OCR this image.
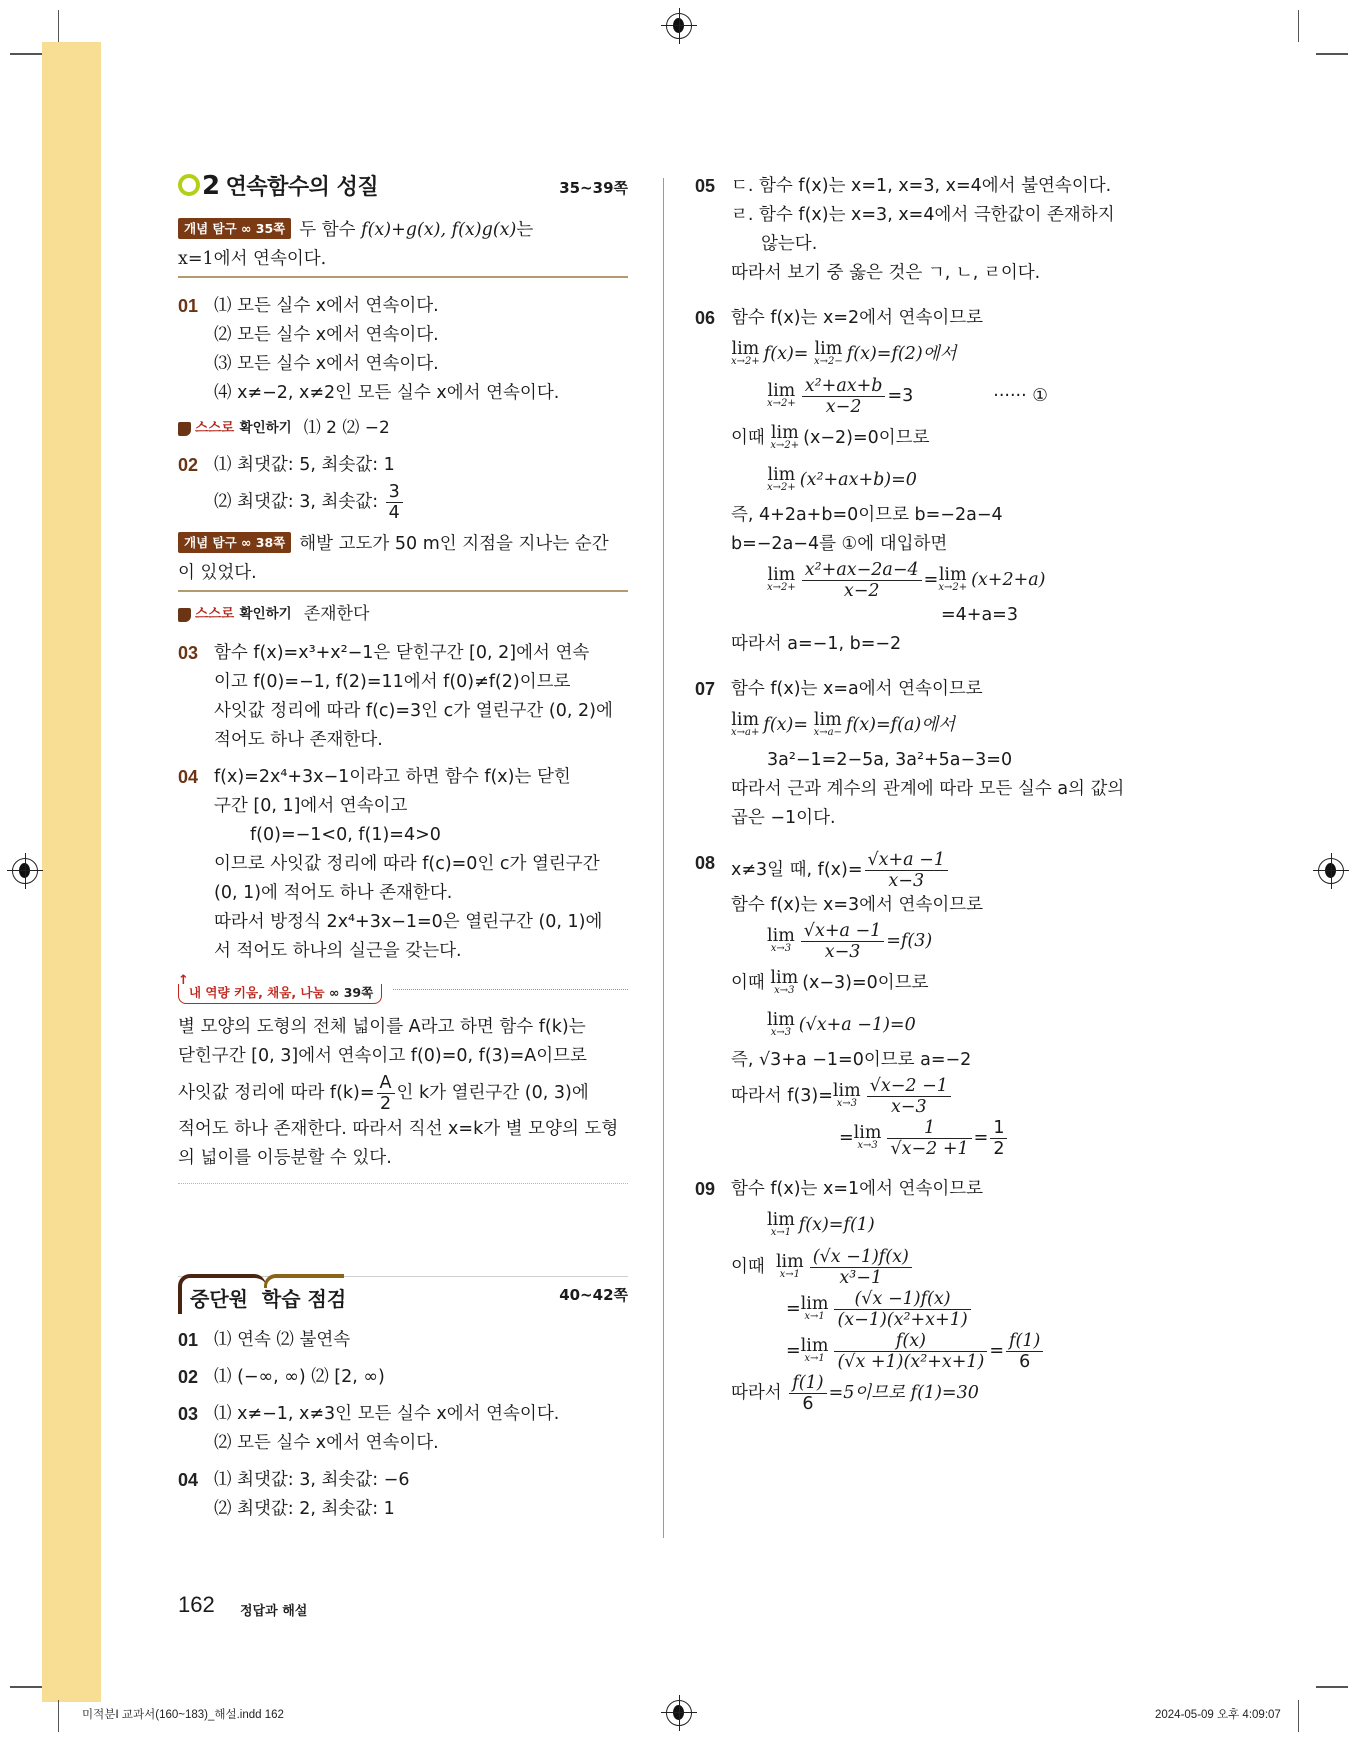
2 연속함수의 성질	35~39쪽
개념 탐구 ∞ 35쪽 두 함수 f(x)+g(x), f(x)g(x)는
x=1에서 연속이다.
01 ⑴ 모든 실수 x에서 연속이다.
⑵ 모든 실수 x에서 연속이다.
⑶ 모든 실수 x에서 연속이다.
⑷ x≠−2, x≠2인 모든 실수 x에서 연속이다.
스스로
확인하기 ⑴ 2 ⑵ −2
02 ⑴ 최댓값: 5, 최솟값: 1
⑵ 최댓값: 3, 최솟값: $\frac{3}{4}$
개념 탐구 ∞ 38쪽 해발 고도가 50 m인 지점을 지나는 순간
이 있었다.
스스로
확인하기 존재한다
03 함수 f(x)=x³+x²−1은 닫힌구간 [0, 2]에서 연속
이고 f(0)=−1, f(2)=11에서 f(0)≠f(2)이므로
사잇값 정리에 따라 f(c)=3인 c가 열린구간 (0, 2)에
적어도 하나 존재한다.
04 f(x)=2x⁴+3x−1이라고 하면 함수 f(x)는 닫힌
구간 [0, 1]에서 연속이고
f(0)=−1<0, f(1)=4>0
이므로 사잇값 정리에 따라 f(c)=0인 c가 열린구간
(0, 1)에 적어도 하나 존재한다.
따라서 방정식 2x⁴+3x−1=0은 열린구간 (0, 1)에
서 적어도 하나의 실근을 갖는다.
↑
내 역량 키움, 채움, 나눔 ∞ 39쪽
별 모양의 도형의 전체 넓이를 A라고 하면 함수 f(k)는
닫힌구간 [0, 3]에서 연속이고 f(0)=0, f(3)=A이므로
사잇값 정리에 따라 $f(k)= \frac{A}{2}$ 인 k가 열린구간 (0, 3)에
적어도 하나 존재한다. 따라서 직선 x=k가 별 모양의 도형
의 넓이를 이등분할 수 있다.
중단원 학습 점검	40~42쪽
01 ⑴ 연속 ⑵ 불연속
02 ⑴ (−∞, ∞) ⑵ [2, ∞)
03 ⑴ x≠−1, x≠3인 모든 실수 x에서 연속이다.
⑵ 모든 실수 x에서 연속이다.
04 ⑴ 최댓값: 3, 최솟값: −6
⑵ 최댓값: 2, 최솟값: 1
05 ㄷ. 함수 f(x)는 x=1, x=3, x=4에서 불연속이다.
ㄹ. 함수 f(x)는 x=3, x=4에서 극한값이 존재하지
않는다.
따라서 보기 중 옳은 것은 ㄱ, ㄴ, ㄹ이다.
06 함수 f(x)는 x=2에서 연속이므로
lim
x→2+ f(x)= lim
x→2− f(x)=f(2)에서
lim
$x\to 2+ \frac{\text{x²+ax+b}}{x-2} =3$	······ ①
이때 lim
x→2+ (x−2)=0이므로
lim
x→2+ (x²+ax+b)=0
즉, 4+2a+b=0이므로 b=−2a−4
b=−2a−4를 ①에 대입하면
lim
$x\to 2+ \frac{\text{x²+ax−2a−4}}{x-2} = \lim$
x→2+ (x+2+a)
=4+a=3
따라서 a=−1, b=−2
07 함수 f(x)는 x=a에서 연속이므로
lim
x→a+ f(x)= lim
x→a− f(x)=f(a)에서
3a²−1=2−5a, 3a²+5a−3=0
따라서 근과 계수의 관계에 따라 모든 실수 a의 값의
곱은 −1이다.
08 x≠3일 때, $f(x)= \frac{√x+a -1}{x-3}$
함수 f(x)는 x=3에서 연속이므로
lim
$x\to 3 \frac{√x+a -1}{x-3} =f(3)$
이때 lim
x→3 (x−3)=0이므로
lim
x→3 (√x+a −1)=0
즉, √3+a −1=0이므로 a=−2
따라서 f(3)= lim
$x\to 3 \frac{√x-2 -1}{x-3}$
= lim
$x\to 3 \frac{1}{√x-2 +1} = \frac{1}{2}$
09 함수 f(x)는 x=1에서 연속이므로
lim
x→1 f(x)=f(1)
이때 lim
$x\to 1 \frac{(√x -1)f(x)}{\text{x³−1}}$
= lim
$x\to 1 \frac{(√x -1)f(x)}{\text{(x−1)(x²+x+1)}}$
= lim
$x\to 1 \frac{f(x)}{\text{(√x +1)(x²+x+1)}} = \frac{f(1)}{6}$
따라서 $\frac{f(1)}{6} =5$이므로 f(1)=30
162 정답과 해설
미적분Ⅰ 교과서(160~183)_해설.indd 162	2024-05-09 오후 4:09:07
